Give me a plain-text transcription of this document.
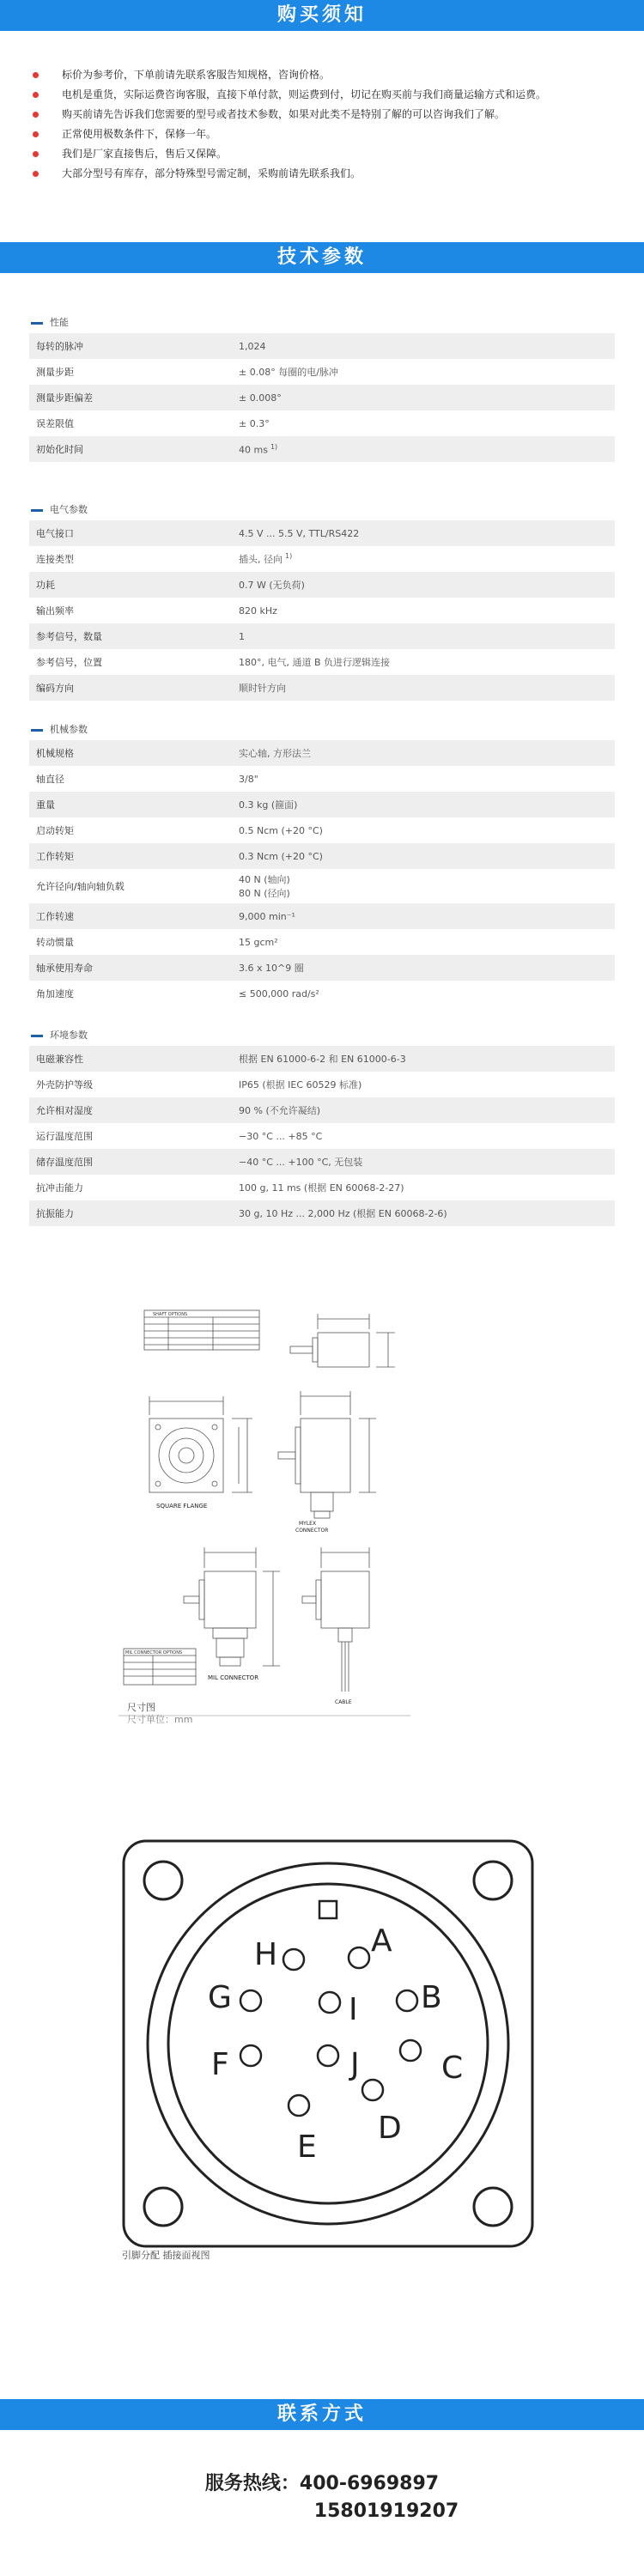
购买须知
标价为参考价，下单前请先联系客服告知规格，咨询价格。
电机是重货，实际运费咨询客服，直接下单付款，则运费到付，切记在购买前与我们商量运输方式和运费。
购买前请先告诉我们您需要的型号或者技术参数，如果对此类不是特别了解的可以咨询我们了解。
正常使用极数条件下，保修一年。
我们是厂家直接售后，售后又保障。
大部分型号有库存，部分特殊型号需定制，采购前请先联系我们。
技术参数
性能
每转的脉冲	1,024
测量步距	± 0.08° 每圈的电/脉冲
测量步距偏差	± 0.008°
误差限值	± 0.3°
初始化时间	40 ms $^{1)}$
电气参数
电气接口	4.5 V ... 5.5 V, TTL/RS422
连接类型	插头, 径向 $^{1)}$
功耗	0.7 W (无负荷)
输出频率	820 kHz
参考信号，数量	1
参考信号，位置	180°, 电气, 通道 B 负进行逻辑连接
编码方向	顺时针方向
机械参数
机械规格	实心轴, 方形法兰
轴直径	3/8"
重量	0.3 kg (箍面)
启动转矩	0.5 Ncm (+20 °C)
工作转矩	0.3 Ncm (+20 °C)
允许径向/轴向轴负载
40 N (轴向)
80 N (径向)
工作转速	9,000 min⁻¹
转动惯量	15 gcm²
轴承使用寿命	3.6 x 10^9 圈
角加速度	≤ 500,000 rad/s²
环境参数
电磁兼容性	根据 EN 61000-6-2 和 EN 61000-6-3
外壳防护等级	IP65 (根据 IEC 60529 标准)
允许相对湿度	90 % (不允许凝结)
运行温度范围	−30 °C ... +85 °C
储存温度范围	−40 °C ... +100 °C, 无包装
抗冲击能力	100 g, 11 ms (根据 EN 60068-2-27)
抗振能力	30 g, 10 Hz ... 2,000 Hz (根据 EN 60068-2-6)
SHAFT OPTIONS
MIL CONNECTOR OPTIONS
SQUARE FLANGE
MYLEX
CONNECTOR
MIL CONNECTOR
CABLE
尺寸图
尺寸单位：mm
A
B
C
D
E
F
G
H
I
J
引脚分配 插接面视图
联系方式
服务热线：400-6969897
15801919207
